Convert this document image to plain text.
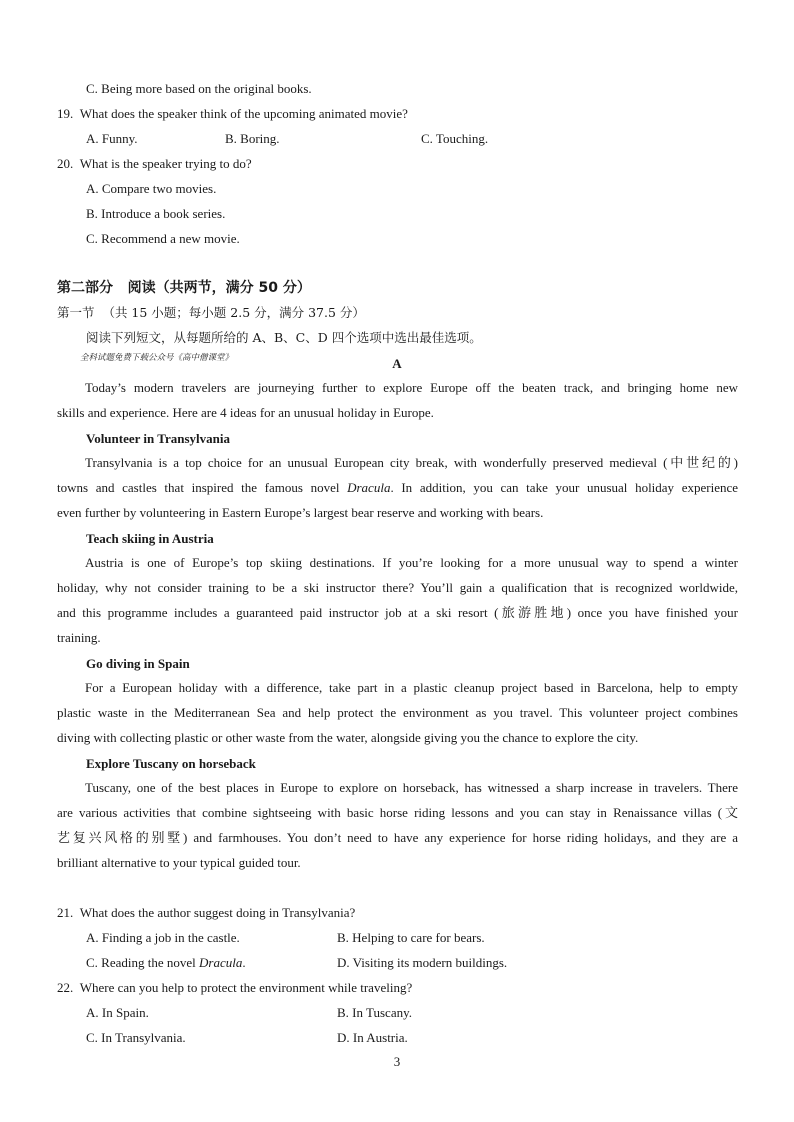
C. Being more based on the original books.
19.  What does the speaker think of the upcoming animated movie?
A. Funny.	B. Boring.	C. Touching.
20.  What is the speaker trying to do?
A. Compare two movies.
B. Introduce a book series.
C. Recommend a new movie.
第二部分   阅读（共两节，满分 50 分）
第一节  （共 15 小题；每小题 2.5 分，满分 37.5 分）
阅读下列短文，从每题所给的 A、B、C、D 四个选项中选出最佳选项。
全科试题免费下载公众号《高中僧课堂》	A
Today’s modern travelers are journeying further to explore Europe off the beaten track, and bringing home new
skills and experience. Here are 4 ideas for an unusual holiday in Europe.
Volunteer in Transylvania
Transylvania is a top choice for an unusual European city break, with wonderfully preserved medieval (中世纪的)
towns and castles that inspired the famous novel Dracula. In addition, you can take your unusual holiday experience
even further by volunteering in Eastern Europe’s largest bear reserve and working with bears.
Teach skiing in Austria
Austria is one of Europe’s top skiing destinations. If you’re looking for a more unusual way to spend a winter
holiday, why not consider training to be a ski instructor there? You’ll gain a qualification that is recognized worldwide,
and this programme includes a guaranteed paid instructor job at a ski resort (旅游胜地) once you have finished your
training.
Go diving in Spain
For a European holiday with a difference, take part in a plastic cleanup project based in Barcelona, help to empty
plastic waste in the Mediterranean Sea and help protect the environment as you travel. This volunteer project combines
diving with collecting plastic or other waste from the water, alongside giving you the chance to explore the city.
Explore Tuscany on horseback
Tuscany, one of the best places in Europe to explore on horseback, has witnessed a sharp increase in travelers. There
are various activities that combine sightseeing with basic horse riding lessons and you can stay in Renaissance villas (文
艺复兴风格的别墅) and farmhouses. You don’t need to have any experience for horse riding holidays, and they are a
brilliant alternative to your typical guided tour.
21.  What does the author suggest doing in Transylvania?
A. Finding a job in the castle.	B. Helping to care for bears.
C. Reading the novel Dracula.	D. Visiting its modern buildings.
22.  Where can you help to protect the environment while traveling?
A. In Spain.	B. In Tuscany.
C. In Transylvania.	D. In Austria.
3
